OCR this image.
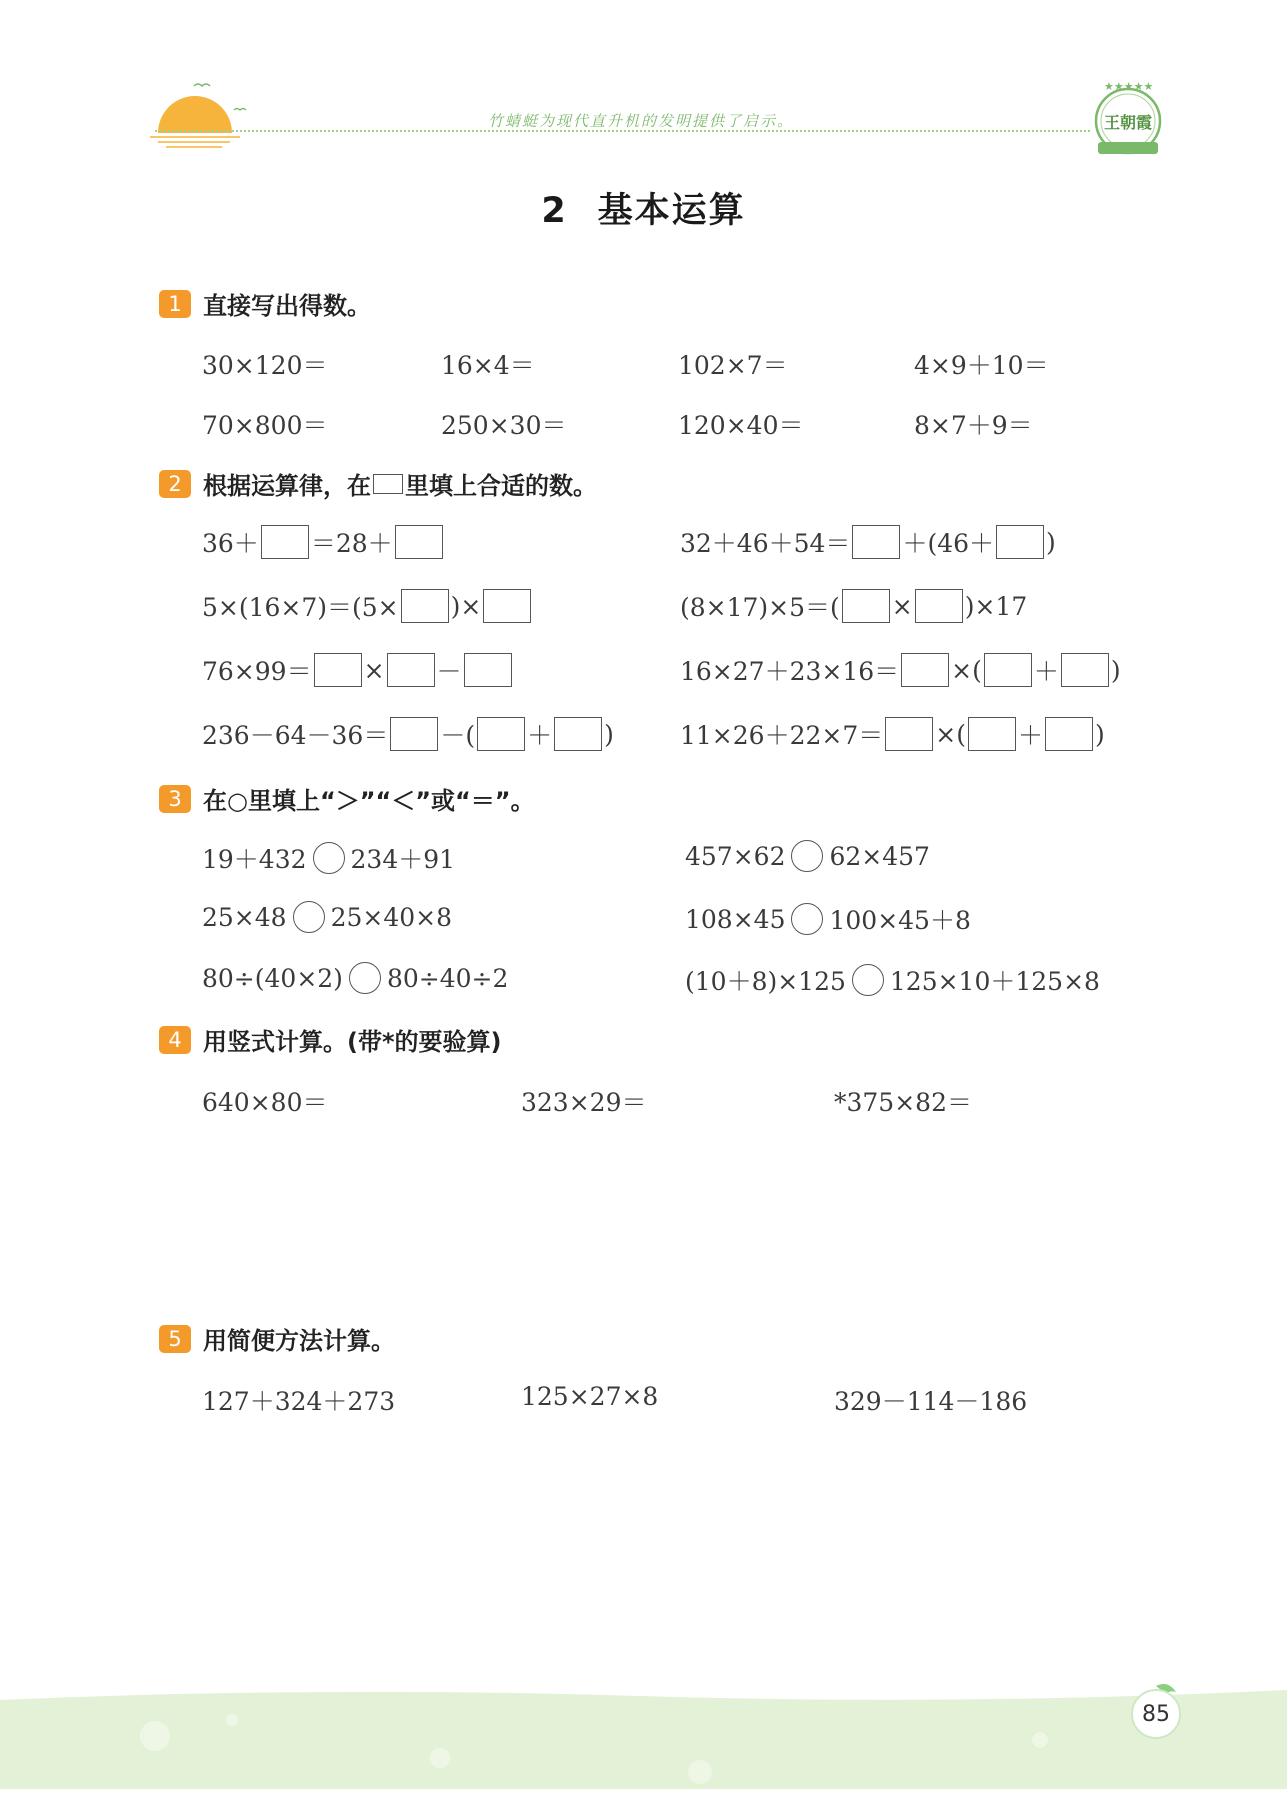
竹蜻蜓为现代直升机的发明提供了启示。
★★★★★
王朝霞
2 基本运算
1 直接写出得数。
30×120＝	16×4＝	102×7＝	4×9＋10＝
70×800＝	250×30＝	120×40＝	8×7＋9＝
2 根据运算律，在 里填上合适的数。
36＋ ＝28＋	32＋46＋54＝ ＋(46＋ )
5×(16×7)＝(5× )×	(8×17)×5＝( × )×17
76×99＝ × －	16×27＋23×16＝ ×( ＋ )
236－64－36＝ －( ＋ )	11×26＋22×7＝ ×( ＋ )
3 在○里填上“＞”“＜”或“＝”。
19＋432 234＋91	457×62 62×457
25×48 25×40×8	108×45 100×45＋8
80÷(40×2) 80÷40÷2	(10＋8)×125 125×10＋125×8
4 用竖式计算。(带*的要验算)
640×80＝	323×29＝	*375×82＝
5 用简便方法计算。
127＋324＋273	125×27×8	329－114－186
85
